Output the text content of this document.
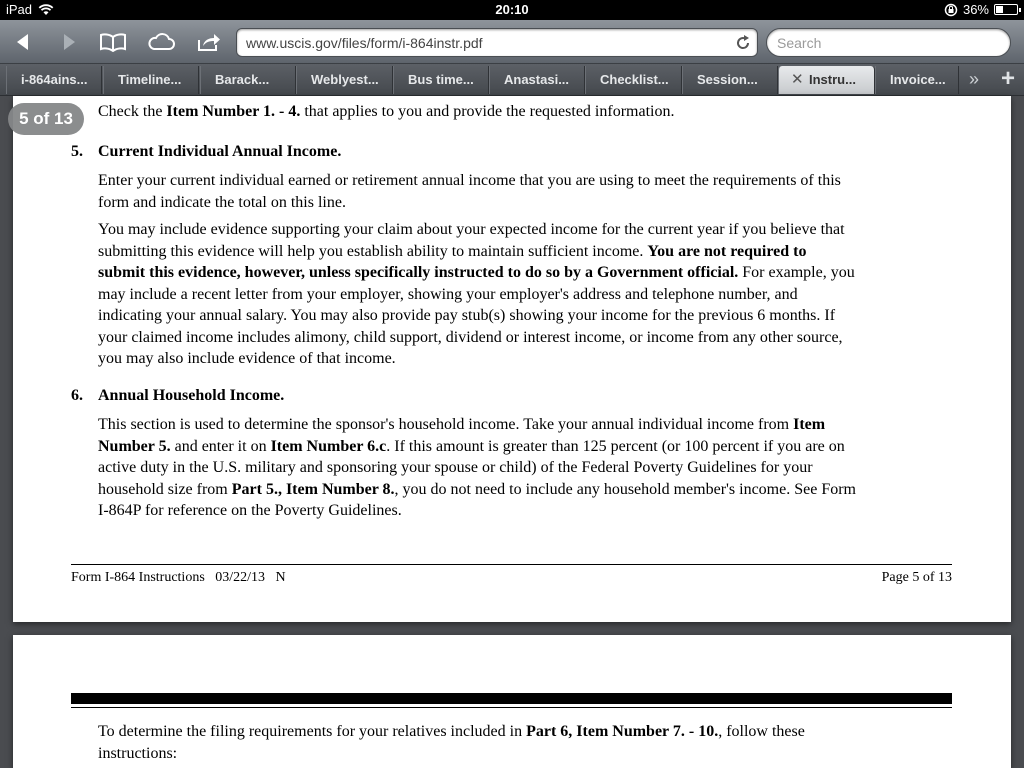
iPad	20:10	36%
www.uscis.gov/files/form/i-864instr.pdf	Search
i-864ains...	Timeline...	Barack...	Weblyest...	Bus time...	Anastasi...	Checklist...	Session...	✕ Instru...	Invoice...	» +
Check the Item Number 1. - 4. that applies to you and provide the requested information.
5. Current Individual Annual Income.
Enter your current individual earned or retirement annual income that you are using to meet the requirements of this
form and indicate the total on this line.
You may include evidence supporting your claim about your expected income for the current year if you believe that
submitting this evidence will help you establish ability to maintain sufficient income. You are not required to
submit this evidence, however, unless specifically instructed to do so by a Government official. For example, you
may include a recent letter from your employer, showing your employer's address and telephone number, and
indicating your annual salary. You may also provide pay stub(s) showing your income for the previous 6 months. If
your claimed income includes alimony, child support, dividend or interest income, or income from any other source,
you may also include evidence of that income.
6. Annual Household Income.
This section is used to determine the sponsor's household income. Take your annual individual income from Item
Number 5. and enter it on Item Number 6.c. If this amount is greater than 125 percent (or 100 percent if you are on
active duty in the U.S. military and sponsoring your spouse or child) of the Federal Poverty Guidelines for your
household size from Part 5., Item Number 8., you do not need to include any household member's income. See Form
I-864P for reference on the Poverty Guidelines.
Form I-864 Instructions   03/22/13   N	Page 5 of 13
5 of 13
To determine the filing requirements for your relatives included in Part 6, Item Number 7. - 10., follow these
instructions:
